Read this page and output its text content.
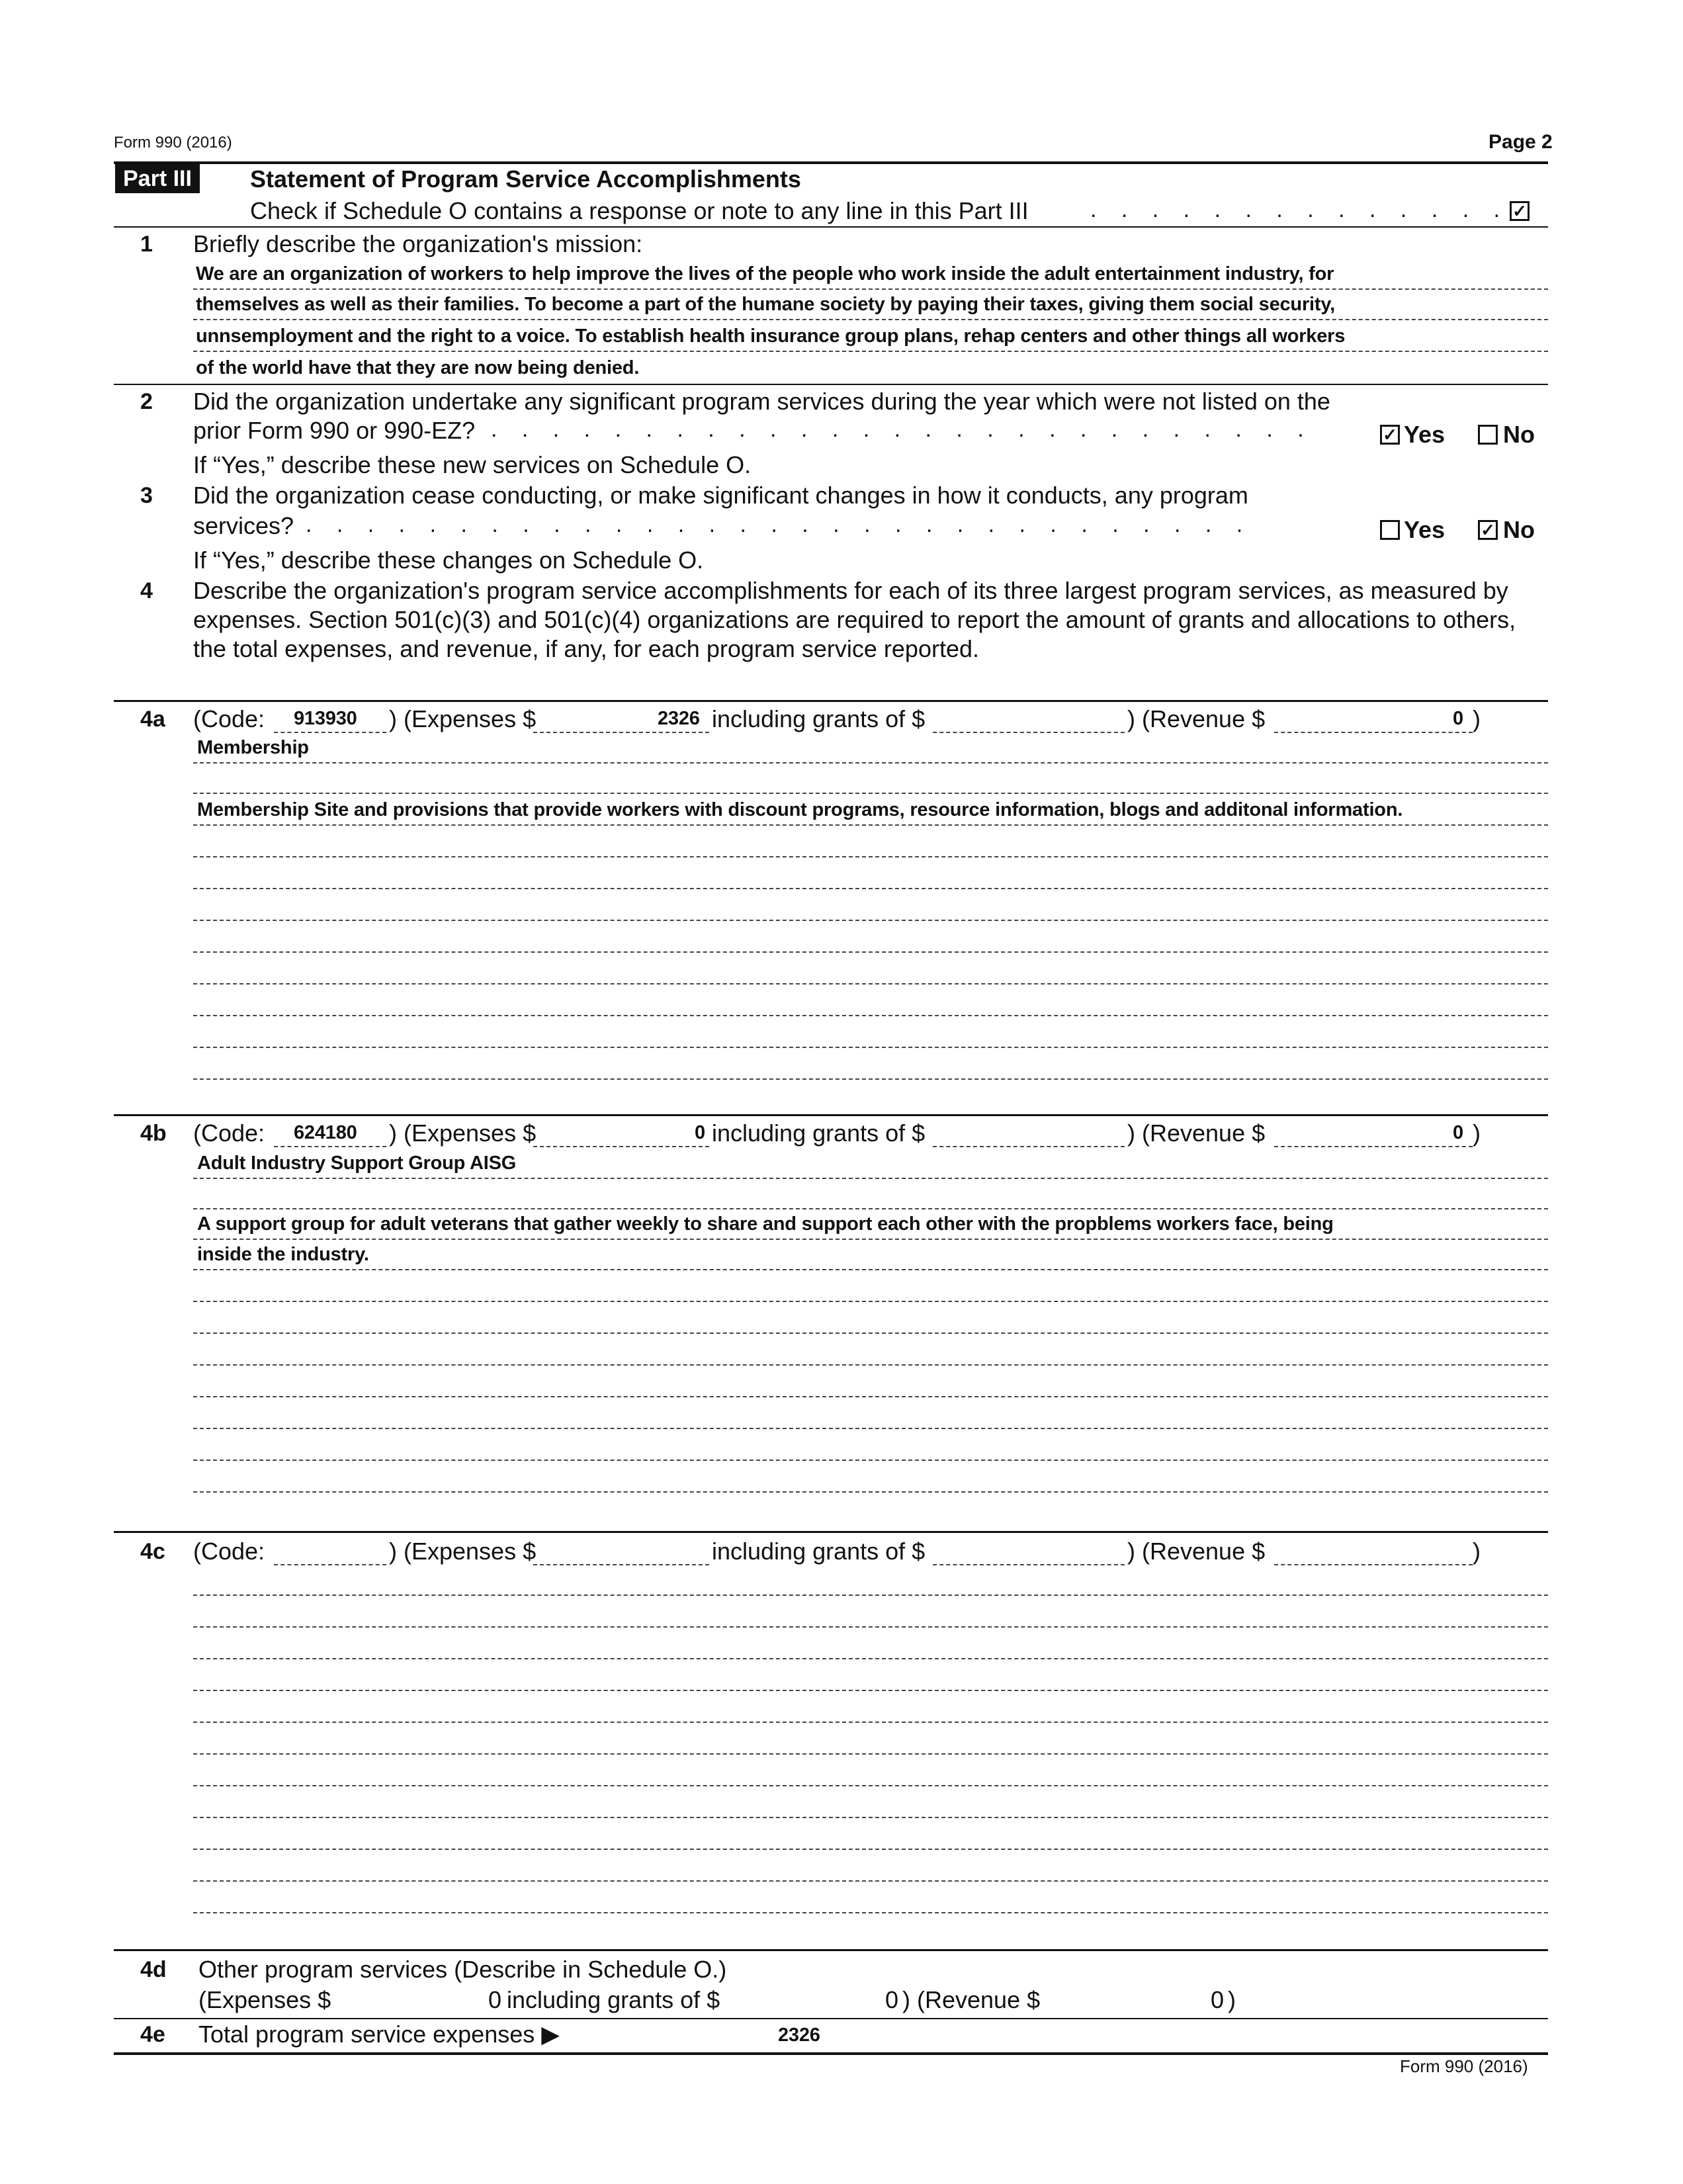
Form 990 (2016)	Page 2
Part III	Statement of Program Service Accomplishments
Check if Schedule O contains a response or note to any line in this Part III	. . . . . . . . . . . . . . ✓
1 Briefly describe the organization's mission:
We are an organization of workers to help improve the lives of the people who work inside the adult entertainment industry, for
themselves as well as their families. To become a part of the humane society by paying their taxes, giving them social security,
unnsemployment and the right to a voice. To establish health insurance group plans, rehap centers and other things all workers
of the world have that they are now being denied.
2 Did the organization undertake any significant program services during the year which were not listed on the
prior Form 990 or 990-EZ? . . . . . . . . . . . . . . . . . . . . . . . . . . .	✓ Yes No
If “Yes,” describe these new services on Schedule O.
3 Did the organization cease conducting, or make significant changes in how it conducts, any program
services? . . . . . . . . . . . . . . . . . . . . . . . . . . . . . . .	Yes ✓ No
If “Yes,” describe these changes on Schedule O.
4 Describe the organization's program service accomplishments for each of its three largest program services, as measured by
expenses. Section 501(c)(3) and 501(c)(4) organizations are required to report the amount of grants and allocations to others,
the total expenses, and revenue, if any, for each program service reported.
4a (Code: 913930 ) (Expenses $	2326 including grants of $	) (Revenue $	0 )
Membership
Membership Site and provisions that provide workers with discount programs, resource information, blogs and additonal information.
4b (Code: 624180 ) (Expenses $	0 including grants of $	) (Revenue $	0 )
Adult Industry Support Group AISG
A support group for adult veterans that gather weekly to share and support each other with the propblems workers face, being
inside the industry.
4c (Code:	) (Expenses $	including grants of $	) (Revenue $	)
4d Other program services (Describe in Schedule O.)
(Expenses $	0 including grants of $	0 ) (Revenue $	0 )
4e Total program service expenses ▶	2326
Form 990 (2016)
